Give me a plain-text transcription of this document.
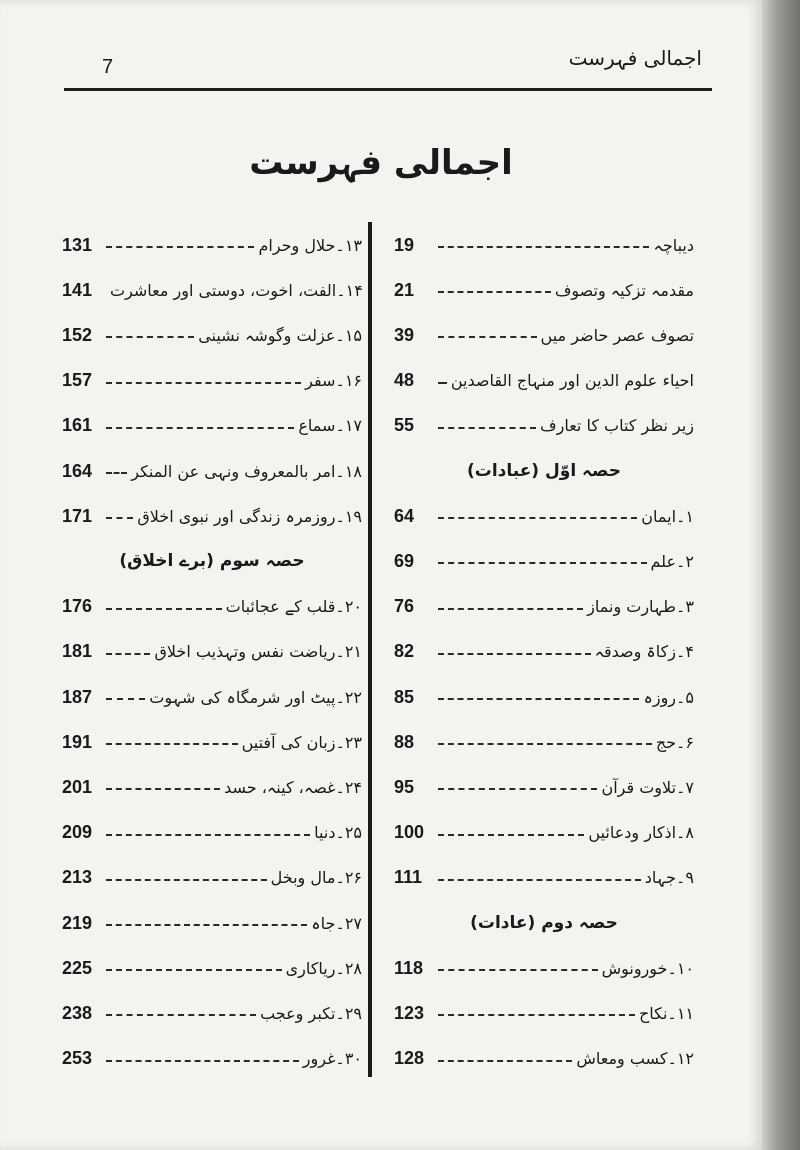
7	اجمالی فہرست
اجمالی فہرست
131	۱۳۔حلال وحرام
141	۱۴۔الفت، اخوت، دوستی اور معاشرت
152	۱۵۔عزلت وگوشہ نشینی
157	۱۶۔سفر
161	۱۷۔سماع
164	۱۸۔امر بالمعروف ونہی عن المنکر
171	۱۹۔روزمرہ زندگی اور نبوی اخلاق
حصہ سوم (برے اخلاق)
176	۲۰۔قلب کے عجائبات
181	۲۱۔ریاضت نفس وتہذیب اخلاق
187	۲۲۔پیٹ اور شرمگاہ کی شہوت
191	۲۳۔زبان کی آفتیں
201	۲۴۔غصہ، کینہ، حسد
209	۲۵۔دنیا
213	۲۶۔مال وبخل
219	۲۷۔جاہ
225	۲۸۔ریاکاری
238	۲۹۔تکبر وعجب
253	۳۰۔غرور
19	دیباچہ
21	مقدمہ تزکیہ وتصوف
39	تصوف عصر حاضر میں
48	احیاء علوم الدین اور منہاج القاصدین
55	زیر نظر کتاب کا تعارف
حصہ اوّل (عبادات)
64	۱۔ایمان
69	۲۔علم
76	۳۔طہارت ونماز
82	۴۔زکاۃ وصدقہ
85	۵۔روزہ
88	۶۔حج
95	۷۔تلاوت قرآن
100	۸۔اذکار ودعائیں
111	۹۔جہاد
حصہ دوم (عادات)
118	۱۰۔خورونوش
123	۱۱۔نکاح
128	۱۲۔کسب ومعاش
